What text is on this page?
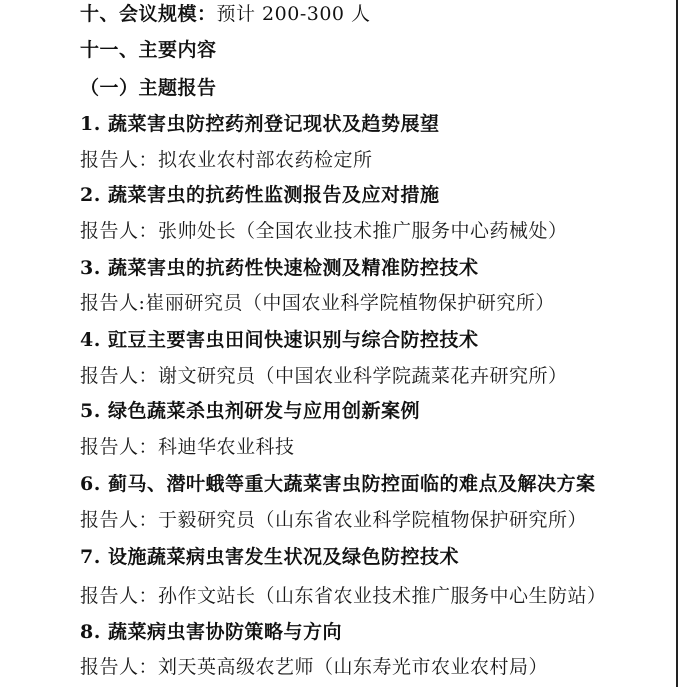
十、会议规模：预计 200-300 人
十一、主要内容
（一）主题报告
1. 蔬菜害虫防控药剂登记现状及趋势展望
报告人：拟农业农村部农药检定所
2. 蔬菜害虫的抗药性监测报告及应对措施
报告人：张帅处长（全国农业技术推广服务中心药械处）
3. 蔬菜害虫的抗药性快速检测及精准防控技术
报告人:崔丽研究员（中国农业科学院植物保护研究所）
4. 豇豆主要害虫田间快速识别与综合防控技术
报告人：谢文研究员（中国农业科学院蔬菜花卉研究所）
5. 绿色蔬菜杀虫剂研发与应用创新案例
报告人：科迪华农业科技
6. 蓟马、潜叶蛾等重大蔬菜害虫防控面临的难点及解决方案
报告人：于毅研究员（山东省农业科学院植物保护研究所）
7. 设施蔬菜病虫害发生状况及绿色防控技术
报告人：孙作文站长（山东省农业技术推广服务中心生防站）
8. 蔬菜病虫害协防策略与方向
报告人：刘天英高级农艺师（山东寿光市农业农村局）
